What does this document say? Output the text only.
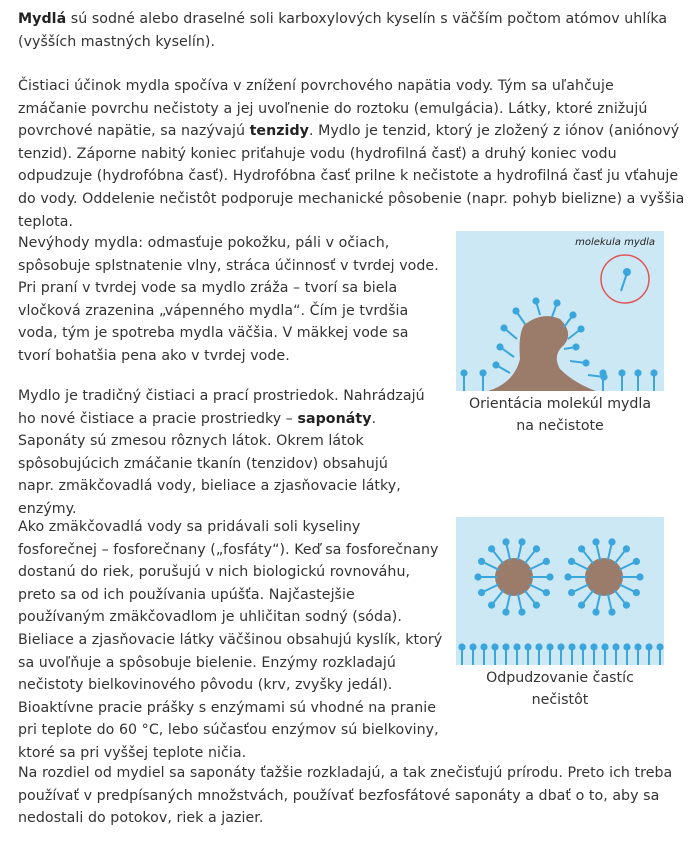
Mydlá sú sodné alebo draselné soli karboxylových kyselín s väčším počtom atómov uhlíka (vyšších mastných kyselín).

Čistiaci účinok mydla spočíva v znížení povrchového napätia vody. Tým sa uľahčuje zmáčanie povrchu nečistoty a jej uvoľnenie do roztoku (emulgácia). Látky, ktoré znižujú povrchové napätie, sa nazývajú tenzidy. Mydlo je tenzid, ktorý je zložený z iónov (aniónový tenzid). Záporne nabitý koniec priťahuje vodu (hydrofilná časť) a druhý koniec vodu odpudzuje (hydrofóbna časť). Hydrofóbna časť prilne k nečistote a hydrofilná časť ju vťahuje do vody. Oddelenie nečistôt podporuje mechanické pôsobenie (napr. pohyb bielizne) a vyššia teplota.

Nevýhody mydla: odmasťuje pokožku, páli v očiach, spôsobuje splstnatenie vlny, stráca účinnosť v tvrdej vode. Pri praní v tvrdej vode sa mydlo zráža – tvorí sa biela vločková zrazenina „vápenného mydla“. Čím je tvrdšia voda, tým je spotreba mydla väčšia. V mäkkej vode sa tvorí bohatšia pena ako v tvrdej vode.

Mydlo je tradičný čistiaci a prací prostriedok. Nahrádzajú ho nové čistiace a pracie prostriedky – saponáty. Saponáty sú zmesou rôznych látok. Okrem látok spôsobujúcich zmáčanie tkanín (tenzidov) obsahujú napr. zmäkčovadlá vody, bieliace a zjasňovacie látky, enzýmy.

Ako zmäkčovadlá vody sa pridávali soli kyseliny fosforečnej – fosforečnany („fosfáty“). Keď sa fosforečnany dostanú do riek, porušujú v nich biologickú rovnováhu, preto sa od ich používania upúšťa. Najčastejšie používaným zmäkčovadlom je uhličitan sodný (sóda). Bieliace a zjasňovacie látky väčšinou obsahujú kyslík, ktorý sa uvoľňuje a spôsobuje bielenie. Enzýmy rozkladajú nečistoty bielkovinového pôvodu (krv, zvyšky jedál). Bioaktívne pracie prášky s enzýmami sú vhodné na pranie pri teplote do 60 °C, lebo súčasťou enzýmov sú bielkoviny, ktoré sa pri vyššej teplote ničia.

Na rozdiel od mydiel sa saponáty ťažšie rozkladajú, a tak znečisťujú prírodu. Preto ich treba používať v predpísaných množstvách, používať bezfosfátové saponáty a dbať o to, aby sa nedostali do potokov, riek a jazier.

molekula mydla

Orientácia molekúl mydla
na nečistote

Odpudzovanie častíc
nečistôt
